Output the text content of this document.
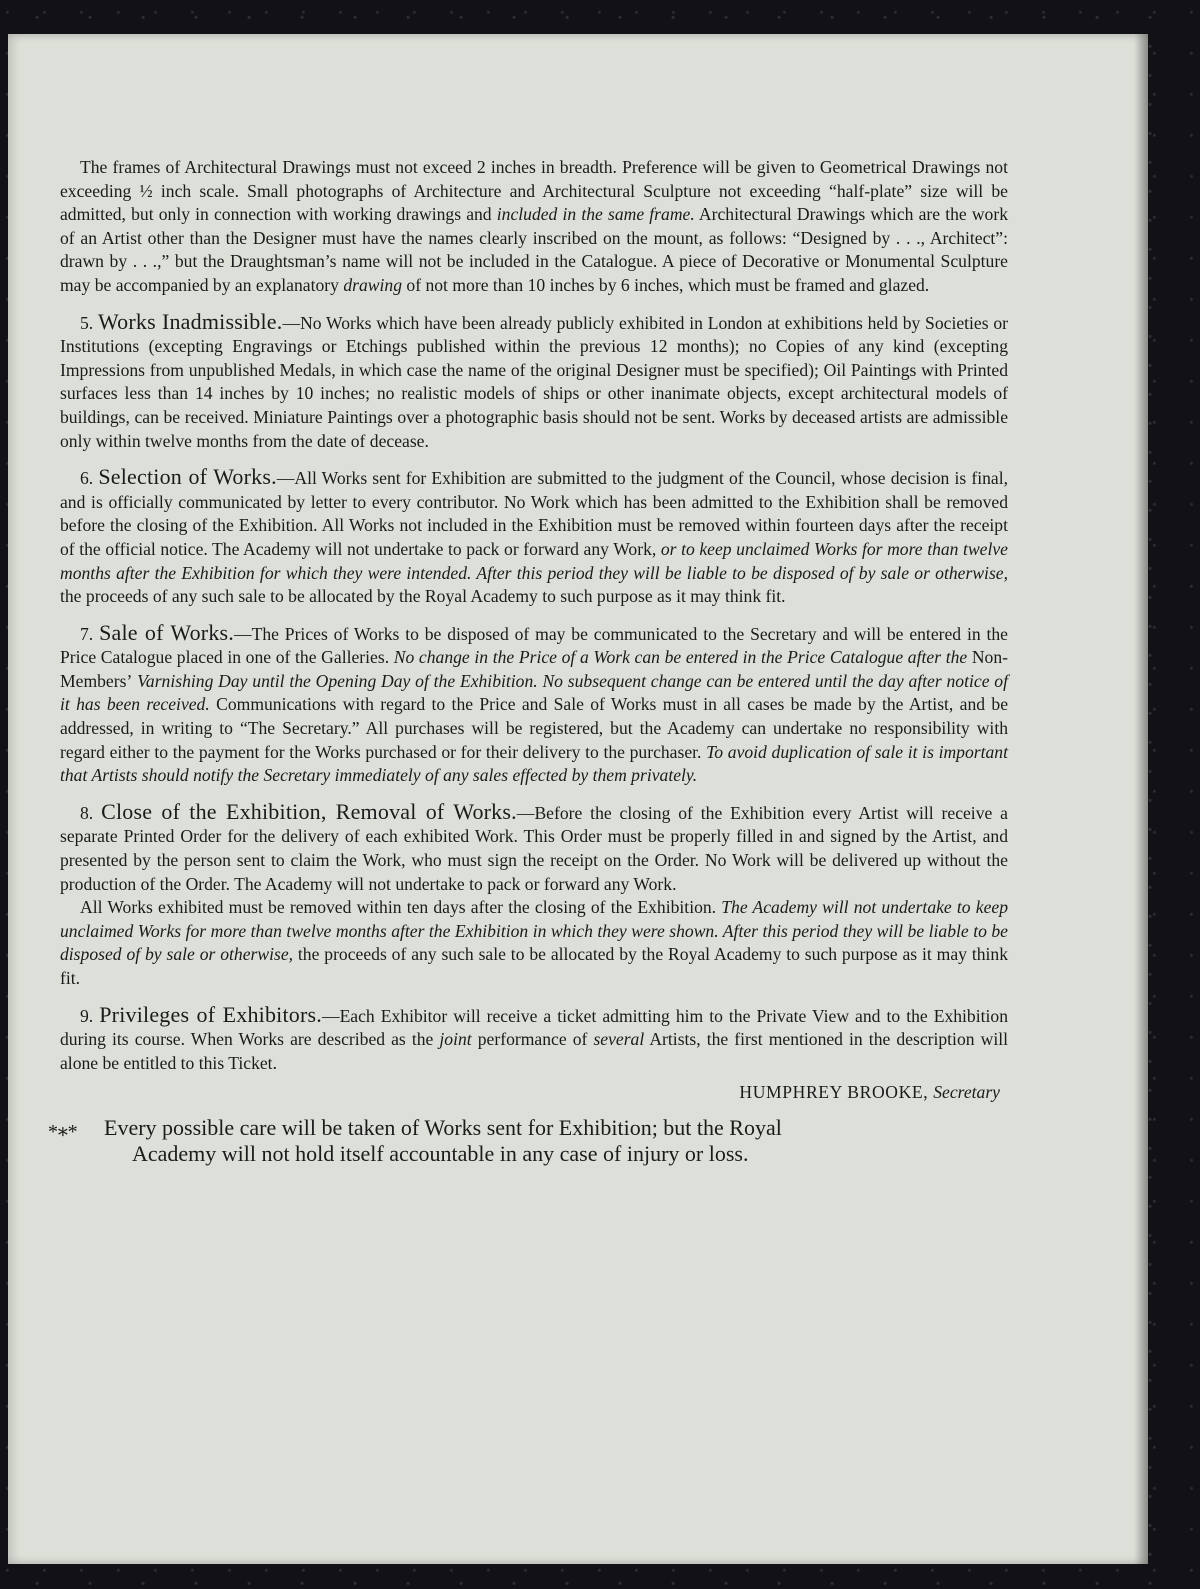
The frames of Architectural Drawings must not exceed 2 inches in breadth. Preference will be given to Geometrical Drawings not exceeding ½ inch scale. Small photographs of Architecture and Architectural Sculpture not exceeding “half-plate” size will be admitted, but only in connection with working drawings and included in the same frame. Architectural Drawings which are the work of an Artist other than the Designer must have the names clearly inscribed on the mount, as follows: “Designed by . . ., Architect”: drawn by . . .,” but the Draughtsman’s name will not be included in the Catalogue. A piece of Decorative or Monumental Sculpture may be accompanied by an explanatory drawing of not more than 10 inches by 6 inches, which must be framed and glazed.

5. Works Inadmissible.—No Works which have been already publicly exhibited in London at exhibitions held by Societies or Institutions (excepting Engravings or Etchings published within the previous 12 months); no Copies of any kind (excepting Impressions from unpublished Medals, in which case the name of the original Designer must be specified); Oil Paintings with Printed surfaces less than 14 inches by 10 inches; no realistic models of ships or other inanimate objects, except architectural models of buildings, can be received. Miniature Paintings over a photographic basis should not be sent. Works by deceased artists are admissible only within twelve months from the date of decease.

6. Selection of Works.—All Works sent for Exhibition are submitted to the judgment of the Council, whose decision is final, and is officially communicated by letter to every contributor. No Work which has been admitted to the Exhibition shall be removed before the closing of the Exhibition. All Works not included in the Exhibition must be removed within fourteen days after the receipt of the official notice. The Academy will not undertake to pack or forward any Work, or to keep unclaimed Works for more than twelve months after the Exhibition for which they were intended. After this period they will be liable to be disposed of by sale or otherwise, the proceeds of any such sale to be allocated by the Royal Academy to such purpose as it may think fit.

7. Sale of Works.—The Prices of Works to be disposed of may be communicated to the Secretary and will be entered in the Price Catalogue placed in one of the Galleries. No change in the Price of a Work can be entered in the Price Catalogue after the Non-Members’ Varnishing Day until the Opening Day of the Exhibition. No subsequent change can be entered until the day after notice of it has been received. Communications with regard to the Price and Sale of Works must in all cases be made by the Artist, and be addressed, in writing to “The Secretary.” All purchases will be registered, but the Academy can undertake no responsibility with regard either to the payment for the Works purchased or for their delivery to the purchaser. To avoid duplication of sale it is important that Artists should notify the Secretary immediately of any sales effected by them privately.

8. Close of the Exhibition, Removal of Works.—Before the closing of the Exhibition every Artist will receive a separate Printed Order for the delivery of each exhibited Work. This Order must be properly filled in and signed by the Artist, and presented by the person sent to claim the Work, who must sign the receipt on the Order. No Work will be delivered up without the production of the Order. The Academy will not undertake to pack or forward any Work.

All Works exhibited must be removed within ten days after the closing of the Exhibition. The Academy will not undertake to keep unclaimed Works for more than twelve months after the Exhibition in which they were shown. After this period they will be liable to be disposed of by sale or otherwise, the proceeds of any such sale to be allocated by the Royal Academy to such purpose as it may think fit.

9. Privileges of Exhibitors.—Each Exhibitor will receive a ticket admitting him to the Private View and to the Exhibition during its course. When Works are described as the joint performance of several Artists, the first mentioned in the description will alone be entitled to this Ticket.

HUMPHREY BROOKE, Secretary
*∗* Every possible care will be taken of Works sent for Exhibition; but the Royal
Academy will not hold itself accountable in any case of injury or loss.
